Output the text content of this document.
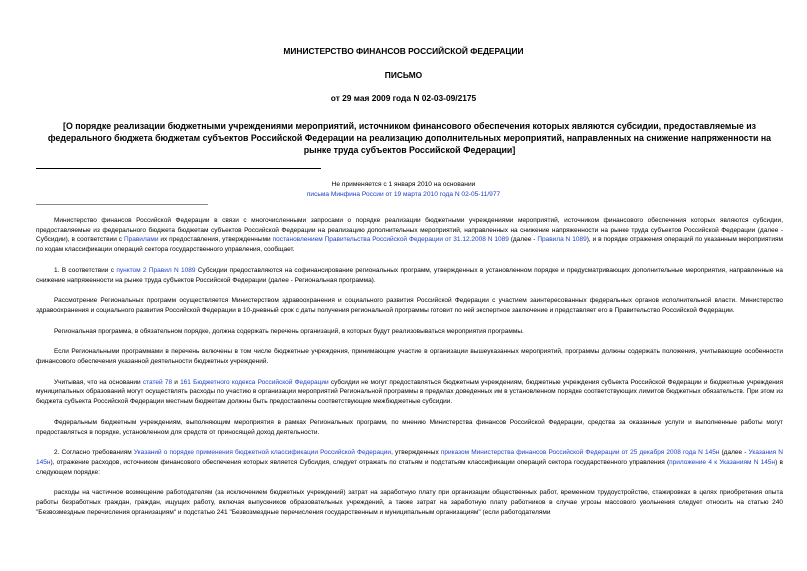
МИНИСТЕРСТВО ФИНАНСОВ РОССИЙСКОЙ ФЕДЕРАЦИИ
ПИСЬМО
от 29 мая 2009 года N 02-03-09/2175
[О порядке реализации бюджетными учреждениями мероприятий, источником финансового обеспечения которых являются субсидии, предоставляемые из федерального бюджета бюджетам субъектов Российской Федерации на реализацию дополнительных мероприятий, направленных на снижение напряженности на рынке труда субъектов Российской Федерации]
Не применяется с 1 января 2010 на основании
письма Минфина России от 19 марта 2010 года N 02-05-11/977

Министерство финансов Российской Федерации в связи с многочисленными запросами о порядке реализации бюджетными учреждениями мероприятий, источником финансового обеспечения которых являются субсидии, предоставляемые из федерального бюджета бюджетам субъектов Российской Федерации на реализацию дополнительных мероприятий, направленных на снижение напряженности на рынке труда субъектов Российской Федерации (далее - Субсидии), в соответствии с Правилами их предоставления, утвержденными постановлением Правительства Российской Федерации от 31.12.2008 N 1089 (далее - Правила N 1089), и в порядке отражения операций по указанным мероприятиям по кодам классификации операций сектора государственного управления, сообщает.

1. В соответствии с пунктом 2 Правил N 1089 Субсидии предоставляются на софинансирование региональных программ, утвержденных в установленном порядке и предусматривающих дополнительные мероприятия, направленные на снижение напряженности на рынке труда субъектов Российской Федерации (далее - Региональная программа).

Рассмотрение Региональных программ осуществляется Министерством здравоохранения и социального развития Российской Федерации с участием заинтересованных федеральных органов исполнительной власти. Министерство здравоохранения и социального развития Российской Федерации в 10-дневный срок с даты получения региональной программы готовит по ней экспертное заключение и представляет его в Правительство Российской Федерации.

Региональная программа, в обязательном порядке, должна содержать перечень организаций, в которых будут реализовываться мероприятия программы.

Если Региональными программами в перечень включены в том числе бюджетные учреждения, принимающие участие в организации вышеуказанных мероприятий, программы должны содержать положения, учитывающие особенности финансового обеспечения указанной деятельности бюджетных учреждений.

Учитывая, что на основании статей 78 и 161 Бюджетного кодекса Российской Федерации субсидии не могут предоставляться бюджетным учреждениям, бюджетные учреждения субъекта Российской Федерации и бюджетные учреждения муниципальных образований могут осуществлять расходы по участию в организации мероприятий Региональной программы в пределах доведенных им в установленном порядке соответствующих лимитов бюджетных обязательств. При этом из бюджета субъекта Российской Федерации местным бюджетам должны быть предоставлены соответствующие межбюджетные субсидии.

Федеральным бюджетным учреждениям, выполняющим мероприятия в рамках Региональных программ, по мнению Министерства финансов Российской Федерации, средства за оказанные услуги и выполненные работы могут предоставляться в порядке, установленном для средств от приносящей доход деятельности.

2. Согласно требованиям Указаний о порядке применения бюджетной классификации Российской Федерации, утвержденных приказом Министерства финансов Российской Федерации от 25 декабря 2008 года N 145н (далее - Указания N 145н), отражение расходов, источником финансового обеспечения которых является Субсидия, следует отражать по статьям и подстатьям классификации операций сектора государственного управления (приложение 4 к Указаниям N 145н) в следующем порядке:

расходы на частичное возмещение работодателям (за исключением бюджетных учреждений) затрат на заработную плату при организации общественных работ, временном трудоустройстве, стажировках в целях приобретения опыта работы безработных граждан, граждан, ищущих работу, включая выпускников образовательных учреждений, а также затрат на заработную плату работников в случае угрозы массового увольнения следует относить на статью 240 "Безвозмездные перечисления организациям" и подстатью 241 "Безвозмездные перечисления государственным и муниципальным организациям" (если работодателями
